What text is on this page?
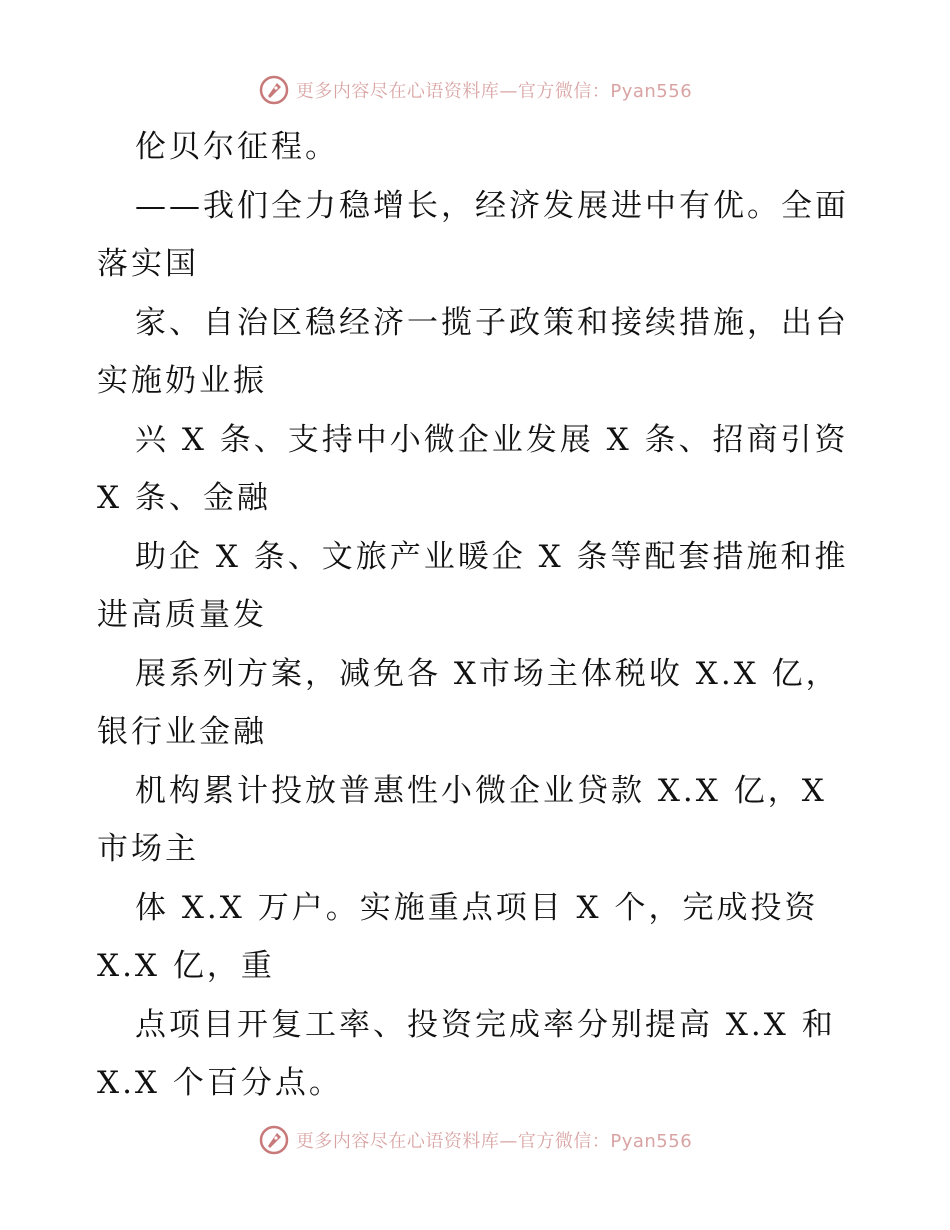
更多内容尽在心语资料库—官方微信：Pyan556
伦贝尔征程。
——我们全力稳增长，经济发展进中有优。全面
落实国
家、自治区稳经济一揽子政策和接续措施，出台
实施奶业振
兴 X 条、支持中小微企业发展 X 条、招商引资
X 条、金融
助企 X 条、文旅产业暖企 X 条等配套措施和推
进高质量发
展系列方案，减免各 X市场主体税收 X.X 亿，
银行业金融
机构累计投放普惠性小微企业贷款 X.X 亿，X
市场主
体 X.X 万户。实施重点项目 X 个，完成投资
X.X 亿，重
点项目开复工率、投资完成率分别提高 X.X 和
X.X 个百分点。
更多内容尽在心语资料库—官方微信：Pyan556
